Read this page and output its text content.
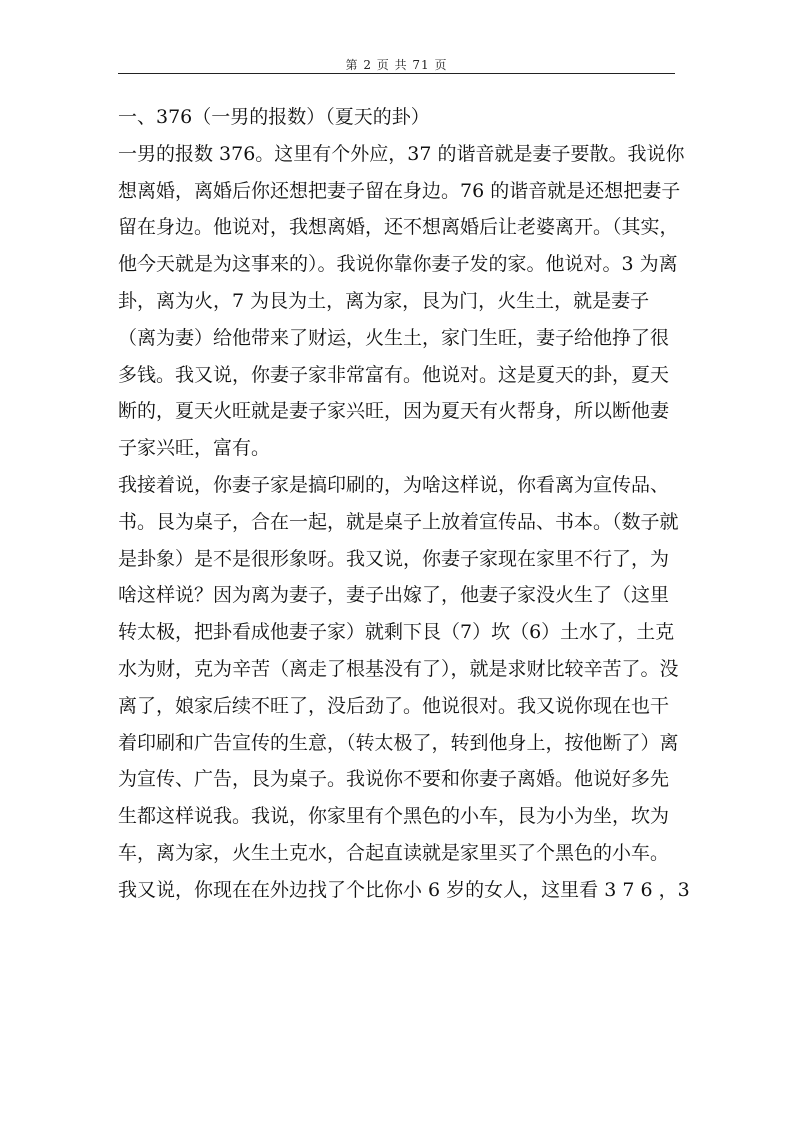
第 2 页 共 71 页
一、376（一男的报数）（夏天的卦）
一男的报数 376。这里有个外应，37 的谐音就是妻子要散。我说你
想离婚，离婚后你还想把妻子留在身边。76 的谐音就是还想把妻子
留在身边。他说对，我想离婚，还不想离婚后让老婆离开。（其实，
他今天就是为这事来的）。我说你靠你妻子发的家。他说对。3 为离
卦，离为火，7 为艮为土，离为家，艮为门，火生土，就是妻子
（离为妻）给他带来了财运，火生土，家门生旺，妻子给他挣了很
多钱。我又说，你妻子家非常富有。他说对。这是夏天的卦，夏天
断的，夏天火旺就是妻子家兴旺，因为夏天有火帮身，所以断他妻
子家兴旺，富有。
我接着说，你妻子家是搞印刷的，为啥这样说，你看离为宣传品、
书。艮为桌子，合在一起，就是桌子上放着宣传品、书本。（数子就
是卦象）是不是很形象呀。我又说，你妻子家现在家里不行了，为
啥这样说？因为离为妻子，妻子出嫁了，他妻子家没火生了（这里
转太极，把卦看成他妻子家）就剩下艮（7）坎（6）土水了，土克
水为财，克为辛苦（离走了根基没有了），就是求财比较辛苦了。没
离了，娘家后续不旺了，没后劲了。他说很对。我又说你现在也干
着印刷和广告宣传的生意，（转太极了，转到他身上，按他断了）离
为宣传、广告，艮为桌子。我说你不要和你妻子离婚。他说好多先
生都这样说我。我说，你家里有个黑色的小车，艮为小为坐，坎为
车，离为家，火生土克水，合起直读就是家里买了个黑色的小车。
我又说，你现在在外边找了个比你小 6 岁的女人，这里看 3 7 6 ，3
